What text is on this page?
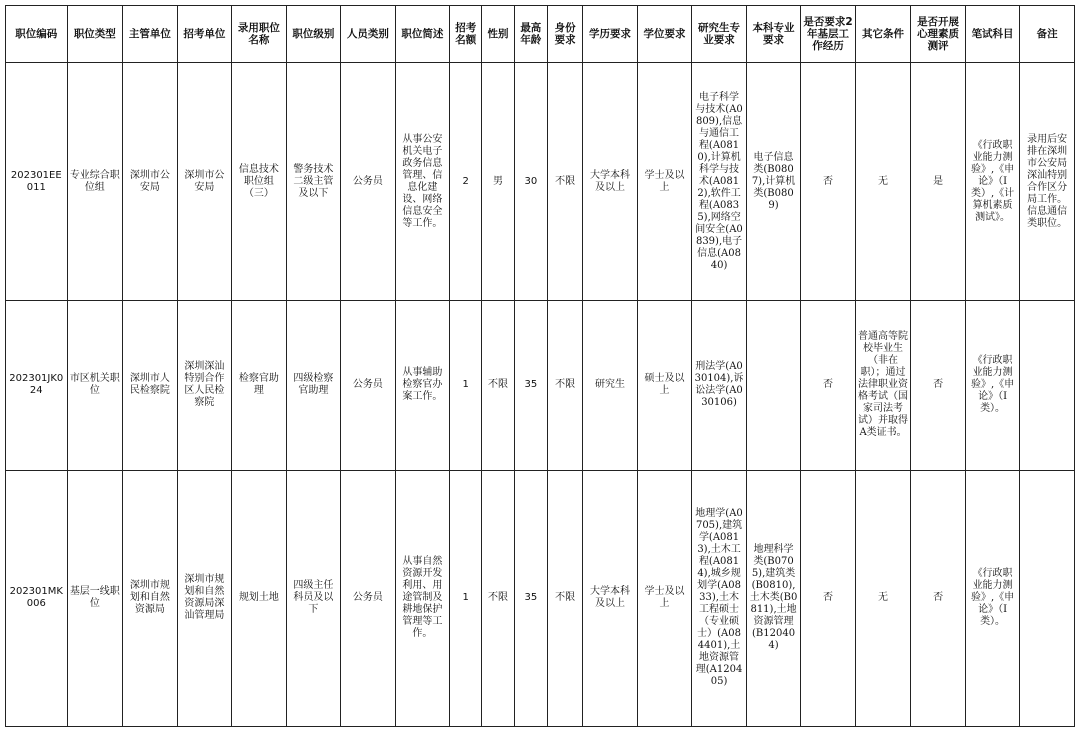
职位编码	职位类型	主管单位	招考单位	录用职位名称	职位级别	人员类别	职位简述	招考名额	性别	最高年龄	身份要求	学历要求	学位要求	研究生专业要求	本科专业要求	是否要求2年基层工作经历	其它条件	是否开展心理素质测评	笔试科目	备注
202301EE011	专业综合职位组	深圳市公安局	深圳市公安局	信息技术职位组（三）	警务技术二级主管及以下	公务员	从事公安机关电子政务信息管理、信息化建设、网络信息安全等工作。	2	男	30	不限	大学本科及以上	学士及以上	电子科学与技术(A0809),信息与通信工程(A0810),计算机科学与技术(A0812),软件工程(A0835),网络空间安全(A0839),电子信息(A0840)	电子信息类(B0807),计算机类(B0809)	否	无	是	《行政职业能力测验》,《申论》（Ⅰ类）,《计算机素质测试》。	录用后安排在深圳市公安局深汕特别合作区分局工作。信息通信类职位。
202301JK024	市区机关职位	深圳市人民检察院	深圳深汕特别合作区人民检察院	检察官助理	四级检察官助理	公务员	从事辅助检察官办案工作。	1	不限	35	不限	研究生	硕士及以上	刑法学(A030104),诉讼法学(A030106)		否	普通高等院校毕业生（非在职）；通过法律职业资格考试（国家司法考试）并取得A类证书。	否	《行政职业能力测验》,《申论》（Ⅰ类）。	
202301MK006	基层一线职位	深圳市规划和自然资源局	深圳市规划和自然资源局深汕管理局	规划土地	四级主任科员及以下	公务员	从事自然资源开发利用、用途管制及耕地保护管理等工作。	1	不限	35	不限	大学本科及以上	学士及以上	地理学(A0705),建筑学(A0813),土木工程(A0814),城乡规划学(A0833),土木工程硕士（专业硕士）(A084401),土地资源管理(A120405)	地理科学类(B0705),建筑类(B0810),土木类(B0811),土地资源管理(B120404)	否	无	否	《行政职业能力测验》,《申论》（Ⅰ类）。	
